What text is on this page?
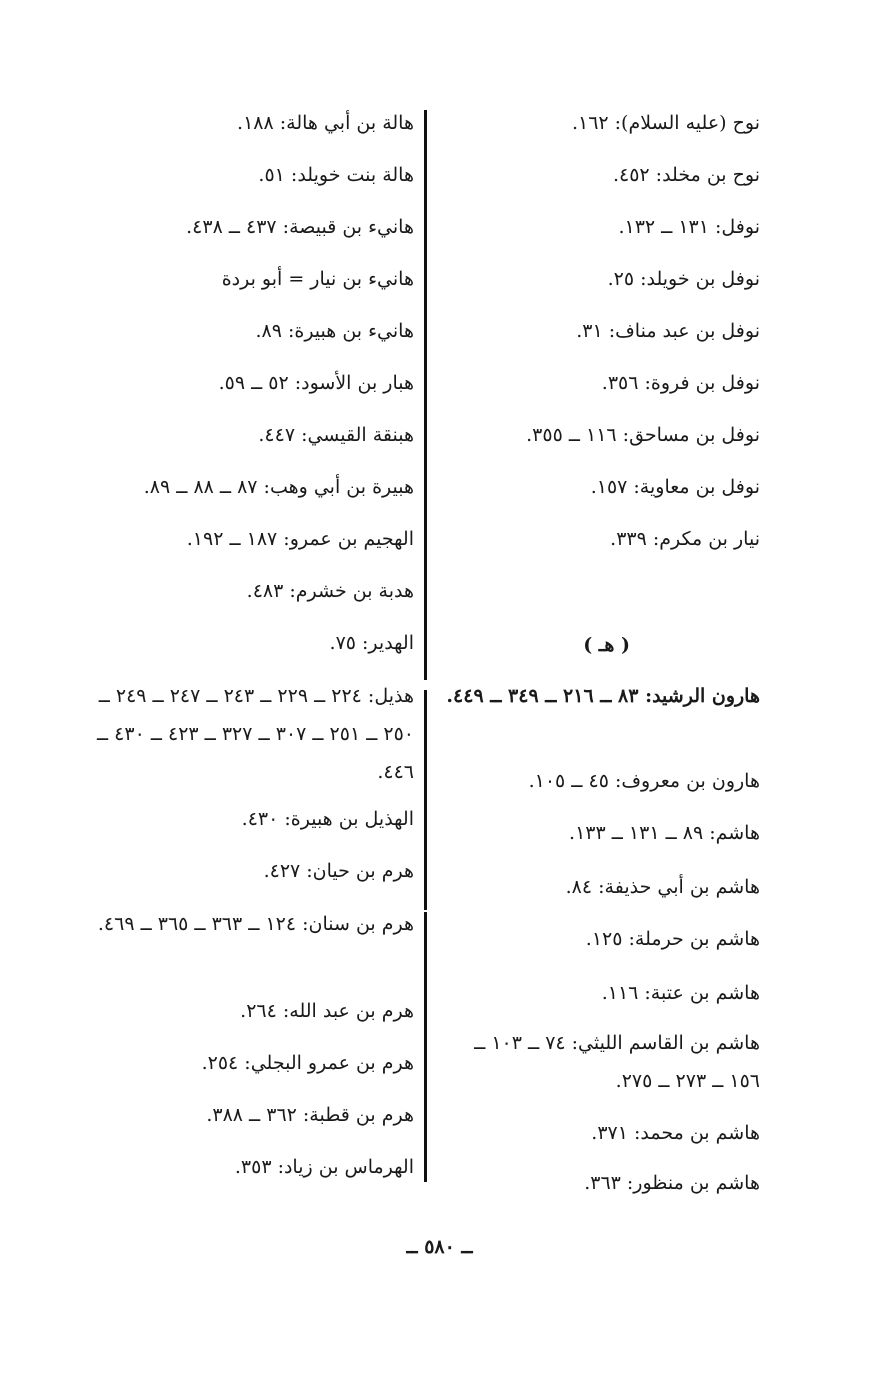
نوح (عليه السلام): ١٦٢.
نوح بن مخلد: ٤٥٢.
نوفل: ١٣١ ــ ١٣٢.
نوفل بن خويلد: ٢٥.
نوفل بن عبد مناف: ٣١.
نوفل بن فروة: ٣٥٦.
نوفل بن مساحق: ١١٦ ــ ٣٥٥.
نوفل بن معاوية: ١٥٧.
نيار بن مكرم: ٣٣٩.
( هـ )
هارون الرشيد: ٨٣ ــ ٢١٦ ــ ٣٤٩ ــ ٤٤٩.
هارون بن معروف: ٤٥ ــ ١٠٥.
هاشم: ٨٩ ــ ١٣١ ــ ١٣٣.
هاشم بن أبي حذيفة: ٨٤.
هاشم بن حرملة: ١٢٥.
هاشم بن عتبة: ١١٦.
هاشم بن القاسم الليثي: ٧٤ ــ ١٠٣ ــ ١٥٦ ــ ٢٧٣ ــ ٢٧٥.
هاشم بن محمد: ٣٧١.
هاشم بن منظور: ٣٦٣.
هالة بن أبي هالة: ١٨٨.
هالة بنت خويلد: ٥١.
هانيء بن قبيصة: ٤٣٧ ــ ٤٣٨.
هانيء بن نيار = أبو بردة
هانيء بن هبيرة: ٨٩.
هبار بن الأسود: ٥٢ ــ ٥٩.
هبنقة القيسي: ٤٤٧.
هبيرة بن أبي وهب: ٨٧ ــ ٨٨ ــ ٨٩.
الهجيم بن عمرو: ١٨٧ ــ ١٩٢.
هدبة بن خشرم: ٤٨٣.
الهدير: ٧٥.
هذيل: ٢٢٤ ــ ٢٢٩ ــ ٢٤٣ ــ ٢٤٧ ــ ٢٤٩ ــ ٢٥٠ ــ ٢٥١ ــ ٣٠٧ ــ ٣٢٧ ــ ٤٢٣ ــ ٤٣٠ ــ ٤٤٦.
الهذيل بن هبيرة: ٤٣٠.
هرم بن حيان: ٤٢٧.
هرم بن سنان: ١٢٤ ــ ٣٦٣ ــ ٣٦٥ ــ ٤٦٩.
هرم بن عبد الله: ٢٦٤.
هرم بن عمرو البجلي: ٢٥٤.
هرم بن قطبة: ٣٦٢ ــ ٣٨٨.
الهرماس بن زياد: ٣٥٣.
ــ ٥٨٠ ــ
